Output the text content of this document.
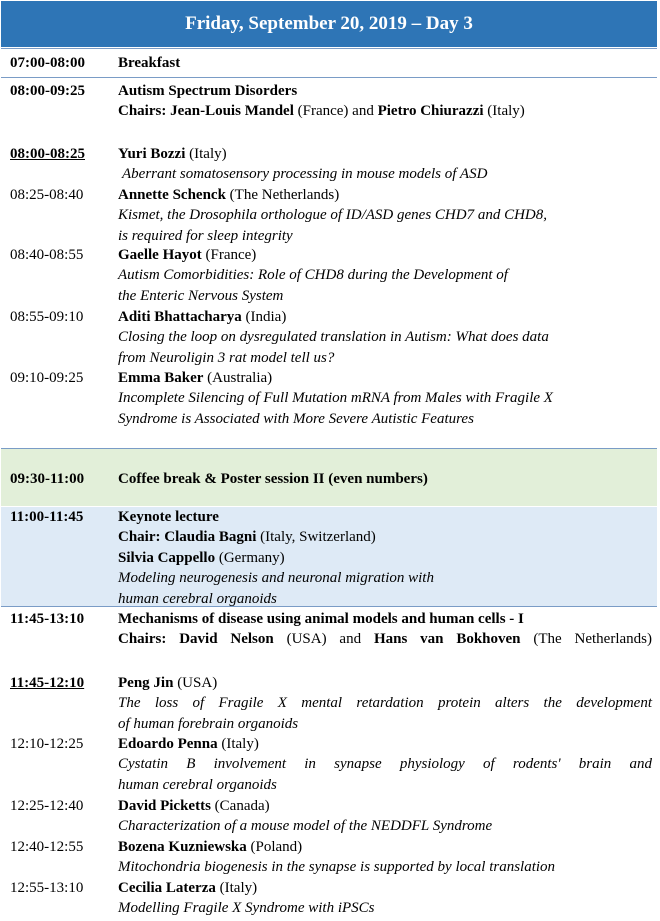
Friday, September 20, 2019 – Day 3
07:00-08:00	Breakfast
08:00-09:25	Autism Spectrum Disorders

Chairs: Jean-Louis Mandel (France) and Pietro Chiurazzi (Italy)

08:00-08:25	Yuri Bozzi (Italy)

Aberrant somatosensory processing in mouse models of ASD

08:25-08:40	Annette Schenck (The Netherlands)

Kismet, the Drosophila orthologue of ID/ASD genes CHD7 and CHD8,

is required for sleep integrity

08:40-08:55	Gaelle Hayot (France)

Autism Comorbidities: Role of CHD8 during the Development of

the Enteric Nervous System

08:55-09:10	Aditi Bhattacharya (India)

Closing the loop on dysregulated translation in Autism: What does data

from Neuroligin 3 rat model tell us?

09:10-09:25	Emma Baker (Australia)

Incomplete Silencing of Full Mutation mRNA from Males with Fragile X

Syndrome is Associated with More Severe Autistic Features

09:30-11:00	Coffee break & Poster session II (even numbers)
11:00-11:45	Keynote lecture

Chair: Claudia Bagni (Italy, Switzerland)

Silvia Cappello (Germany)

Modeling neurogenesis and neuronal migration with

human cerebral organoids

11:45-13:10	Mechanisms of disease using animal models and human cells - I

Chairs: David Nelson (USA) and Hans van Bokhoven (The Netherlands)

11:45-12:10	Peng Jin (USA)

The loss of Fragile X mental retardation protein alters the development

of human forebrain organoids

12:10-12:25	Edoardo Penna (Italy)

Cystatin B involvement in synapse physiology of rodents' brain and

human cerebral organoids

12:25-12:40	David Picketts (Canada)

Characterization of a mouse model of the NEDDFL Syndrome

12:40-12:55	Bozena Kuzniewska (Poland)

Mitochondria biogenesis in the synapse is supported by local translation

12:55-13:10	Cecilia Laterza (Italy)

Modelling Fragile X Syndrome with iPSCs
